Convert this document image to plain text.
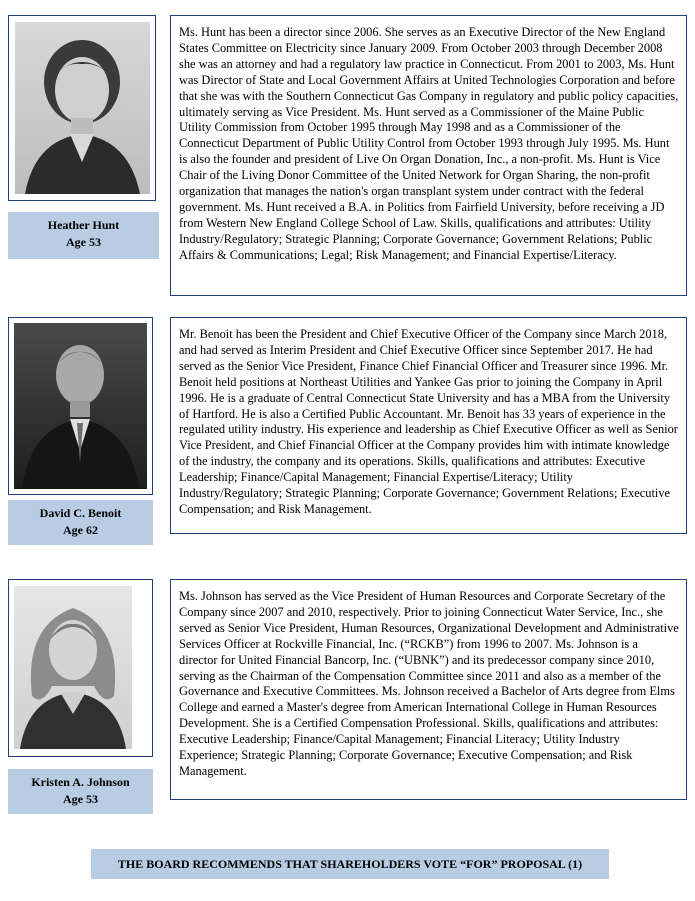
Heather Hunt
Age 53
Ms. Hunt has been a director since 2006. She serves as an Executive Director of the New England States Committee on Electricity since January 2009. From October 2003 through December 2008 she was an attorney and had a regulatory law practice in Connecticut. From 2001 to 2003, Ms. Hunt was Director of State and Local Government Affairs at United Technologies Corporation and before that she was with the Southern Connecticut Gas Company in regulatory and public policy capacities, ultimately serving as Vice President. Ms. Hunt served as a Commissioner of the Maine Public Utility Commission from October 1995 through May 1998 and as a Commissioner of the Connecticut Department of Public Utility Control from October 1993 through July 1995. Ms. Hunt is also the founder and president of Live On Organ Donation, Inc., a non-profit. Ms. Hunt is Vice Chair of the Living Donor Committee of the United Network for Organ Sharing, the non-profit organization that manages the nation's organ transplant system under contract with the federal government. Ms. Hunt received a B.A. in Politics from Fairfield University, before receiving a JD from Western New England College School of Law. Skills, qualifications and attributes: Utility Industry/Regulatory; Strategic Planning; Corporate Governance; Government Relations; Public Affairs & Communications; Legal; Risk Management; and Financial Expertise/Literacy.
David C. Benoit
Age 62
Mr. Benoit has been the President and Chief Executive Officer of the Company since March 2018, and had served as Interim President and Chief Executive Officer since September 2017. He had served as the Senior Vice President, Finance Chief Financial Officer and Treasurer since 1996. Mr. Benoit held positions at Northeast Utilities and Yankee Gas prior to joining the Company in April 1996. He is a graduate of Central Connecticut State University and has a MBA from the University of Hartford. He is also a Certified Public Accountant. Mr. Benoit has 33 years of experience in the regulated utility industry. His experience and leadership as Chief Executive Officer as well as Senior Vice President, and Chief Financial Officer at the Company provides him with intimate knowledge of the industry, the company and its operations. Skills, qualifications and attributes: Executive Leadership; Finance/Capital Management; Financial Expertise/Literacy; Utility Industry/Regulatory; Strategic Planning; Corporate Governance; Government Relations; Executive Compensation; and Risk Management.
Kristen A. Johnson
Age 53
Ms. Johnson has served as the Vice President of Human Resources and Corporate Secretary of the Company since 2007 and 2010, respectively. Prior to joining Connecticut Water Service, Inc., she served as Senior Vice President, Human Resources, Organizational Development and Administrative Services Officer at Rockville Financial, Inc. (“RCKB”) from 1996 to 2007. Ms. Johnson is a director for United Financial Bancorp, Inc. (“UBNK”) and its predecessor company since 2010, serving as the Chairman of the Compensation Committee since 2011 and also as a member of the Governance and Executive Committees. Ms. Johnson received a Bachelor of Arts degree from Elms College and earned a Master's degree from American International College in Human Resources Development. She is a Certified Compensation Professional. Skills, qualifications and attributes: Executive Leadership; Finance/Capital Management; Financial Literacy; Utility Industry Experience; Strategic Planning; Corporate Governance; Executive Compensation; and Risk Management.
THE BOARD RECOMMENDS THAT SHAREHOLDERS VOTE “FOR” PROPOSAL (1)
